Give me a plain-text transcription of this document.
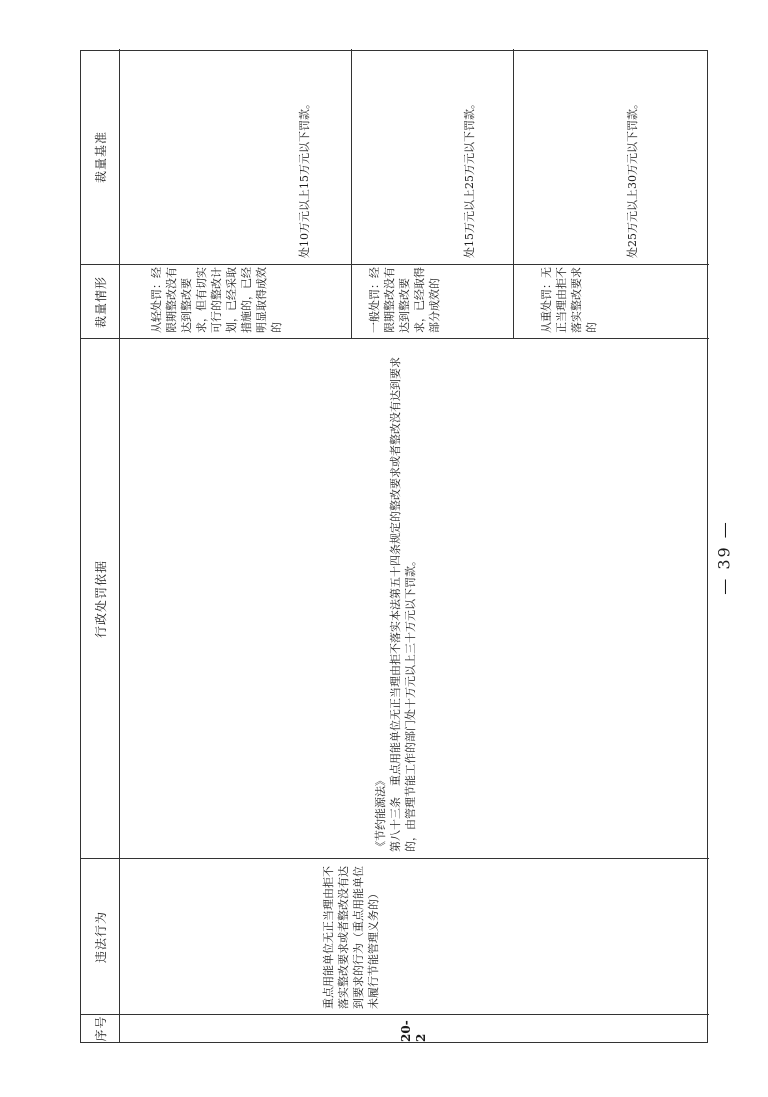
序号
违法行为
行政处罚依据
裁量情形
裁量基准
20-2
重点用能单位无正当理由拒不落实整改要求或者整改没有达到要求的行为（重点用能单位未履行节能管理义务的）
《节约能源法》 第八十三条　重点用能单位无正当理由拒不落实本法第五十四条规定的整改要求或者整改没有达到要求的，由管理节能工作的部门处十万元以上三十万元以下罚款。
从轻处罚：经限期整改没有达到整改要求，但有切实可行的整改计划，已经采取措施的，已经明显取得成效的	一般处罚：经限期整改没有达到整改要求，已经取得部分成效的	从重处罚：无正当理由拒不落实整改要求的
处10万元以上15万元以下罚款。	处15万元以上25万元以下罚款。	处25万元以上30万元以下罚款。
— 39 —
